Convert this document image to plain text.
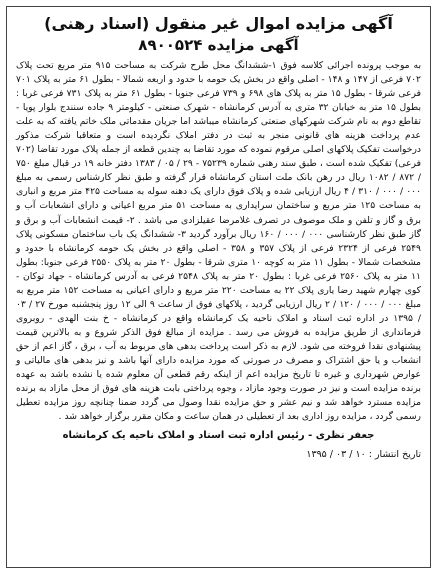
آگهی مزایده اموال غیر منقول (اسناد رهنی)
آگهی مزایده ۸۹۰۰۵۲۴

به موجب پرونده اجرائی کلاسه فوق ۱-ششدانگ محل طرح شرکت به مساحت ۹۱۵ متر مربع تحت پلاک ۷۰۲ فرعی از ۱۴۷ و ۱۴۸ - اصلی واقع در بخش یک حومه با حدود و اربعه شمالا - بطول ۶۱ متر به پلاک ۷۰۱ فرعی شرقا - بطول ۱۵ متر به پلاک های ۶۹۸ و ۷۳۹ فرعی جنوبا - بطول ۶۱ متر به پلاک ۷۳۱ فرعی غربا : بطول ۱۵ متر به خیابان ۳۲ متری به آدرس کرمانشاه - شهرک صنعتی - کیلومتر ۹ جاده سنندج بلوار پویا - تقاطع دوم به نام شرکت شهرکهای صنعتی کرمانشاه میباشد اما جریان مقدماتی ملک خاتم یافته که به علت عدم پرداخت هزینه های قانونی منجر به ثبت در دفتر املاک نگردیده است و متعاقبا شرکت مذکور درخواست تفکیک پلاکهای اصلی مرقوم نموده که مورد تقاضا به چندین قطعه از جمله پلاک مورد تقاضا (۷۰۲ فرعی) تفکیک شده است ، طبق سند رهنی شماره ۷۵۲۳۹ - ۲۹ / ۰۵ / ۱۳۸۳ دفتر خانه ۱۹ در قبال مبلغ ۷۵۰ / ۸۷۲ / ۱۰۸۲ ریال در رهن بانک ملت استان کرمانشاه قرار گرفته و طبق نظر کارشناس رسمی به مبلغ ۰۰۰ / ۰۰۰ / ۳۱۰ / ۴ ریال ارزیابی شده و پلاک فوق دارای یک دهنه سوله به مساحت ۴۲۵ متر مربع و انباری به مساحت ۱۲۵ متر مربع و ساختمان سرایداری به مساحت ۵۱ متر مربع اعیانی و دارای انشعابات آب و برق و گاز و تلفن و ملک موصوف در تصرف غلامرضا عقیلزادی می باشد . ۲- قیمت انشعابات آب و برق و گاز طبق نظر کارشناسی ۰۰۰ / ۰۰۰ / ۱۶۰ ریال برآورد گردید ۳- ششدانگ یک باب ساختمان مسکونی پلاک ۲۵۴۹ فرعی از ۲۳۲۴ فرعی از پلاک ۳۵۷ و ۳۵۸ - اصلی واقع در بخش یک حومه کرمانشاه با حدود و مشخصات شمالا - بطول ۱۱ متر به کوچه ۱۰ متری شرقا - بطول ۲۰ متر به پلاک ۲۵۵۰ فرعی جنوبا: بطول ۱۱ متر به پلاک ۲۵۶۰ فرعی غربا : بطول ۲۰ متر به پلاک ۲۵۴۸ فرعی به آدرس کرمانشاه - جهاد توکان - کوی چهارم شهید رضا یاری پلاک ۲۲ به مساحت ۲۲۰ متر مربع و دارای اعیانی به مساحت ۱۵۲ متر مربع به مبلغ ۰۰۰ / ۰۰۰ / ۱۲۰ / ۲ ریال ارزیابی گردید ، پلاکهای فوق از ساعت ۹ الی ۱۲ روز پنجشنبه مورخ ۲۷ / ۰۳ / ۱۳۹۵ در اداره ثبت اسناد و املاک ناحیه یک کرمانشاه واقع در کرمانشاه - خ بنت الهدی - روبروی فرمانداری از طریق مزایده به فروش می رسد . مزایده از مبالغ فوق الذکر شروع و به بالاترین قیمت پیشنهادی نقدا فروخته می شود. لازم به ذکر است پرداخت بدهی های مربوط به آب ، برق ، گاز اعم از حق انشعاب و یا حق اشتراک و مصرف در صورتی که مورد مزایده دارای آنها باشد و نیز بدهی های مالیاتی و عوارض شهرداری و غیره تا تاریخ مزایده اعم از اینکه رقم قطعی آن معلوم شده یا نشده باشد به عهده برنده مزایده است و نیز در صورت وجود مازاد ، وجوه پرداختی بابت هزینه های فوق از محل مازاد به برنده مزایده مسترد خواهد شد و نیم عشر و حق مزایده نقدا وصول می گردد ضمنا چنانچه روز مزایده تعطیل رسمی گردد ، مزایده روز اداری بعد از تعطیلی در همان ساعت و مکان مقرر برگزار خواهد شد .

جعفر نظری - رئیس اداره ثبت اسناد و املاک ناحیه یک کرمانشاه

تاریخ انتشار : ۱۰ / ۰۳ / ۱۳۹۵
